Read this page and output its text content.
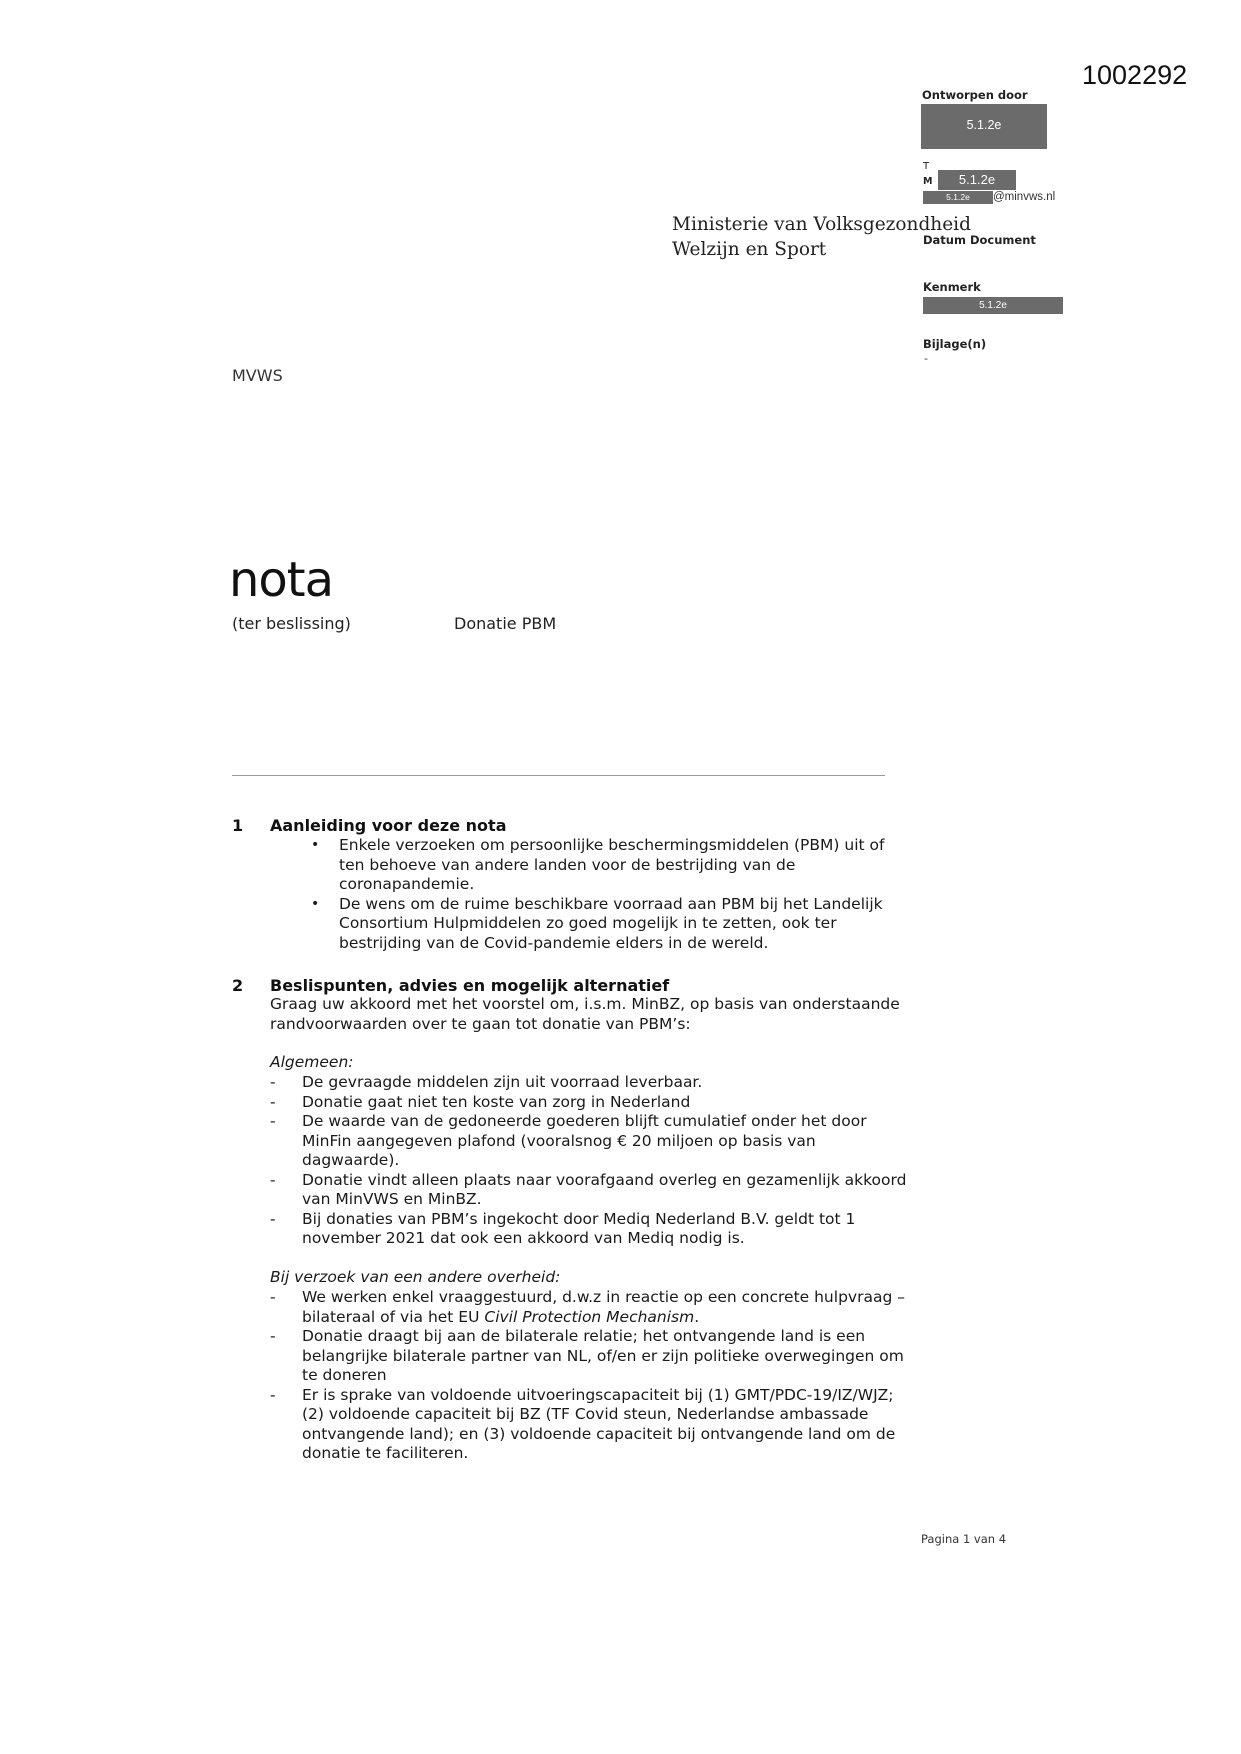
1002292
Ministerie van Volksgezondheid
Welzijn en Sport
Ontworpen door
5.1.2e
T
M	5.1.2e
5.1.2e	@minvws.nl
Datum Document
Kenmerk
5.1.2e
Bijlage(n)
-
MVWS
nota
(ter beslissing)	Donatie PBM
1 Aanleiding voor deze nota
• Enkele verzoeken om persoonlijke beschermingsmiddelen (PBM) uit of ten behoeve van andere landen voor de bestrijding van de coronapandemie.
• De wens om de ruime beschikbare voorraad aan PBM bij het Landelijk Consortium Hulpmiddelen zo goed mogelijk in te zetten, ook ter bestrijding van de Covid-pandemie elders in de wereld.
2 Beslispunten, advies en mogelijk alternatief
Graag uw akkoord met het voorstel om, i.s.m. MinBZ, op basis van onderstaande randvoorwaarden over te gaan tot donatie van PBM’s:
Algemeen:
- De gevraagde middelen zijn uit voorraad leverbaar.
- Donatie gaat niet ten koste van zorg in Nederland
- De waarde van de gedoneerde goederen blijft cumulatief onder het door MinFin aangegeven plafond (vooralsnog € 20 miljoen op basis van dagwaarde).
- Donatie vindt alleen plaats naar voorafgaand overleg en gezamenlijk akkoord van MinVWS en MinBZ.
- Bij donaties van PBM’s ingekocht door Mediq Nederland B.V. geldt tot 1 november 2021 dat ook een akkoord van Mediq nodig is.
Bij verzoek van een andere overheid:
- We werken enkel vraaggestuurd, d.w.z in reactie op een concrete hulpvraag – bilateraal of via het EU Civil Protection Mechanism.
- Donatie draagt bij aan de bilaterale relatie; het ontvangende land is een belangrijke bilaterale partner van NL, of/en er zijn politieke overwegingen om te doneren
- Er is sprake van voldoende uitvoeringscapaciteit bij (1) GMT/PDC-19/IZ/WJZ; (2) voldoende capaciteit bij BZ (TF Covid steun, Nederlandse ambassade ontvangende land); en (3) voldoende capaciteit bij ontvangende land om de donatie te faciliteren.
Pagina 1 van 4
